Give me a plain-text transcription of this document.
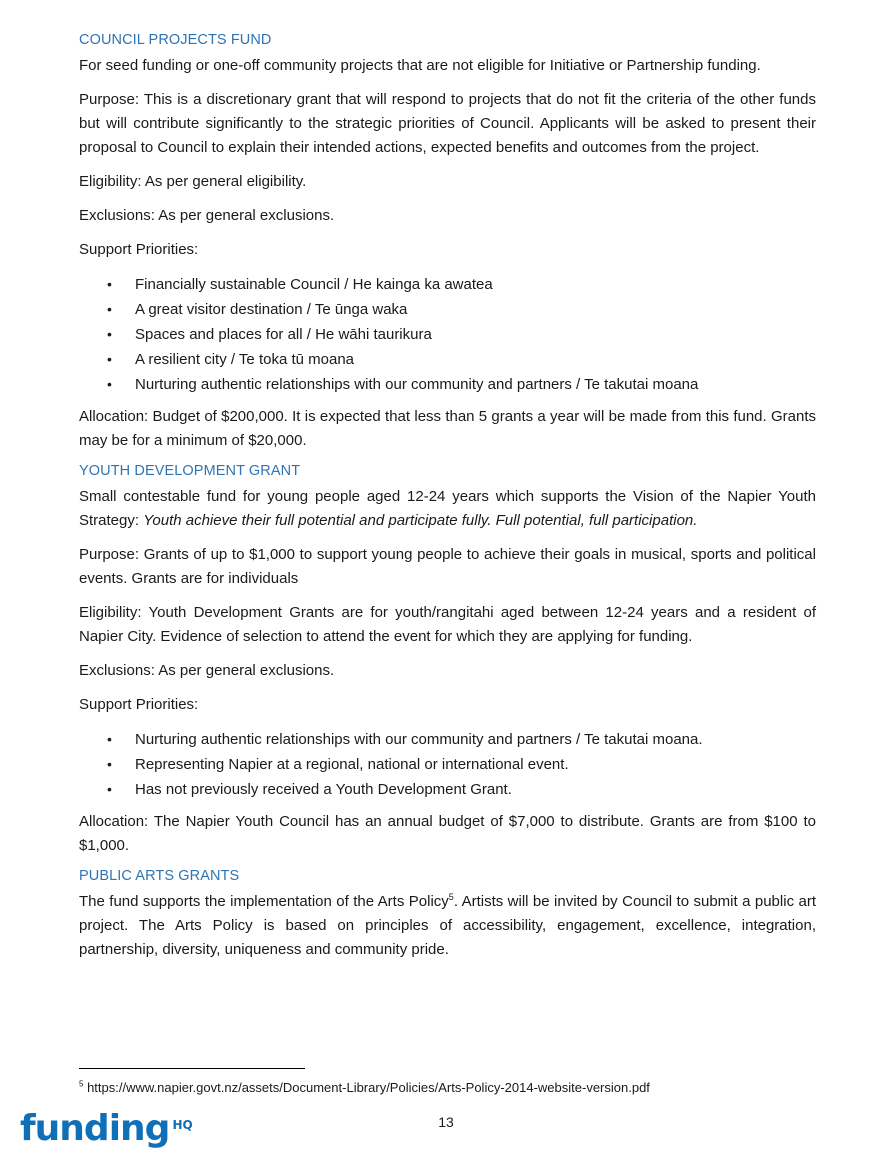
COUNCIL PROJECTS FUND

For seed funding or one-off community projects that are not eligible for Initiative or Partnership funding.

Purpose: This is a discretionary grant that will respond to projects that do not fit the criteria of the other funds but will contribute significantly to the strategic priorities of Council. Applicants will be asked to present their proposal to Council to explain their intended actions, expected benefits and outcomes from the project.

Eligibility: As per general eligibility.

Exclusions: As per general exclusions.

Support Priorities:

• Financially sustainable Council / He kainga ka awatea
• A great visitor destination / Te ūnga waka
• Spaces and places for all / He wāhi taurikura
• A resilient city / Te toka tū moana
• Nurturing authentic relationships with our community and partners / Te takutai moana

Allocation: Budget of $200,000. It is expected that less than 5 grants a year will be made from this fund. Grants may be for a minimum of $20,000.

YOUTH DEVELOPMENT GRANT

Small contestable fund for young people aged 12-24 years which supports the Vision of the Napier Youth Strategy: Youth achieve their full potential and participate fully. Full potential, full participation.

Purpose: Grants of up to $1,000 to support young people to achieve their goals in musical, sports and political events. Grants are for individuals

Eligibility: Youth Development Grants are for youth/rangitahi aged between 12-24 years and a resident of Napier City. Evidence of selection to attend the event for which they are applying for funding.

Exclusions: As per general exclusions.

Support Priorities:

• Nurturing authentic relationships with our community and partners / Te takutai moana.
• Representing Napier at a regional, national or international event.
• Has not previously received a Youth Development Grant.

Allocation: The Napier Youth Council has an annual budget of $7,000 to distribute. Grants are from $100 to $1,000.

PUBLIC ARTS GRANTS

The fund supports the implementation of the Arts Policy$^5$. Artists will be invited by Council to submit a public art project. The Arts Policy is based on principles of accessibility, engagement, excellence, integration, partnership, diversity, uniqueness and community pride.

$^5$ https://www.napier.govt.nz/assets/Document-Library/Policies/Arts-Policy-2014-website-version.pdf
funding HQ	13
